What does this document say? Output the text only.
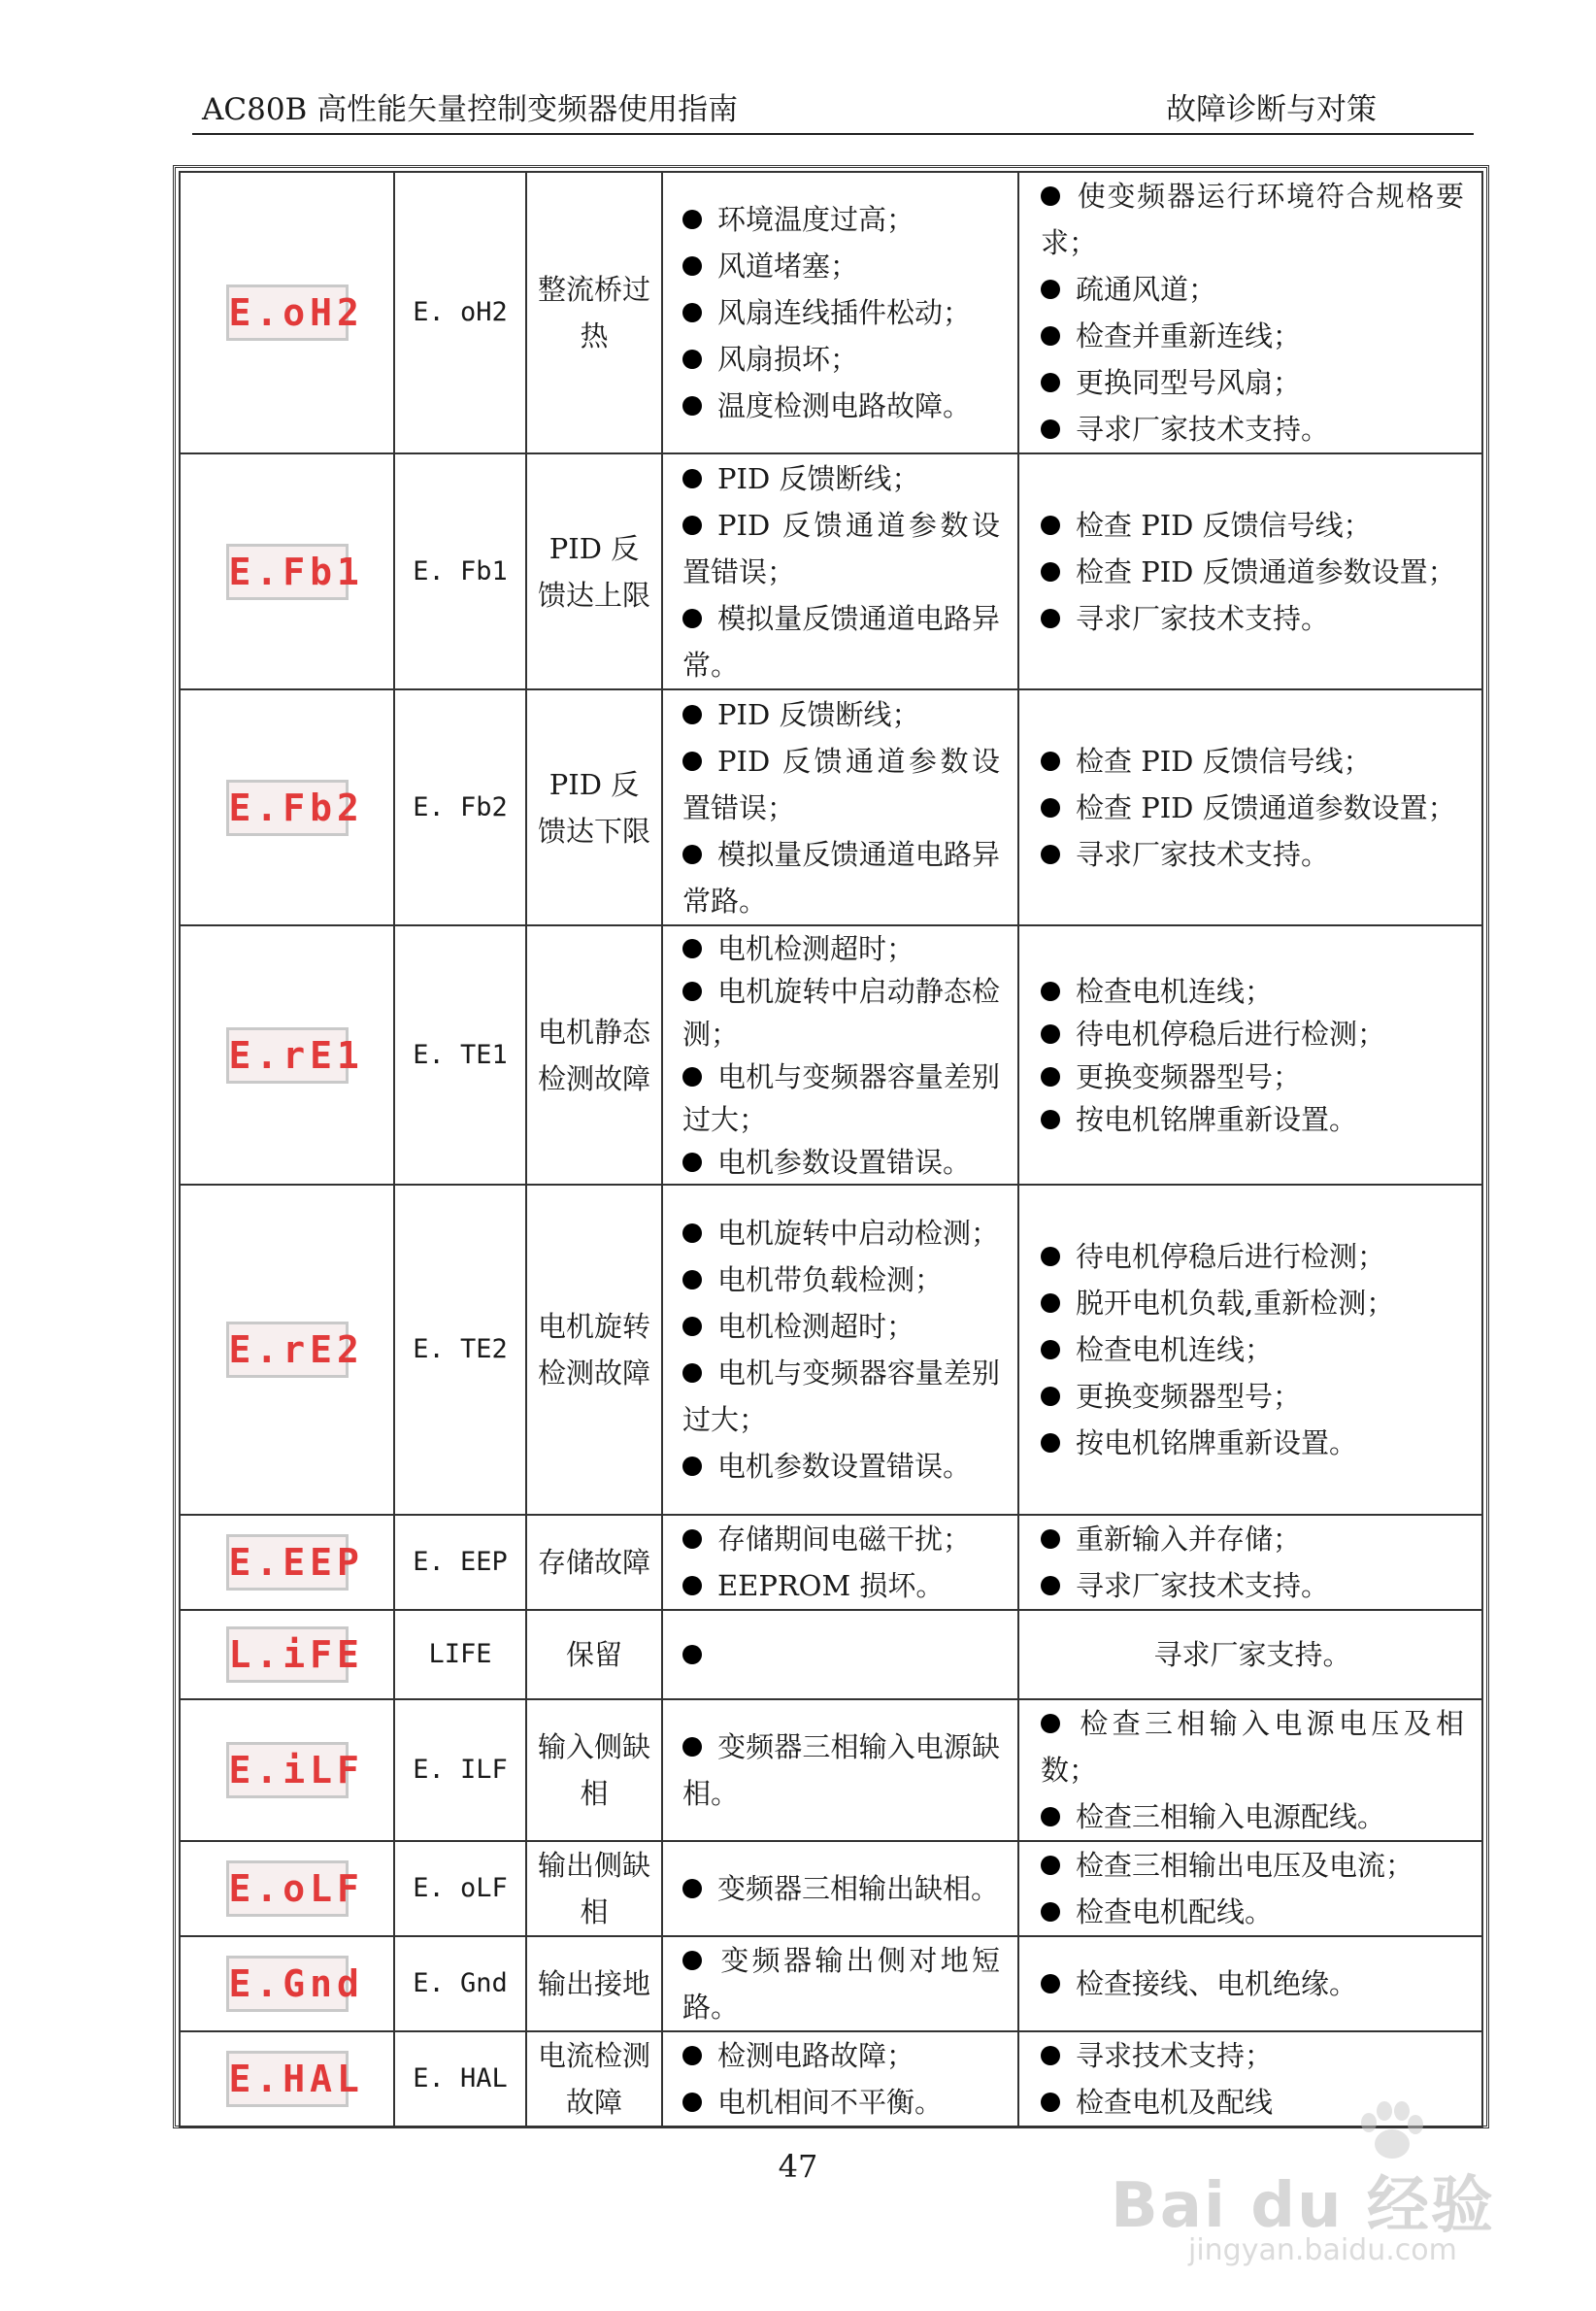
AC80B 高性能矢量控制变频器使用指南	故障诊断与对策
E.oH2	E. oH2	整流桥过热	环境温度过高；
风道堵塞；
风扇连线插件松动；
风扇损坏；
温度检测电路故障。	使变频器运行环境符合规格要求；
疏通风道；
检查并重新连线；
更换同型号风扇；
寻求厂家技术支持。

E.Fb1	E. Fb1	PID 反馈达上限	PID 反馈断线；
PID 反馈通道参数设置错误；
模拟量反馈通道电路异常。	检查 PID 反馈信号线；
检查 PID 反馈通道参数设置；
寻求厂家技术支持。

E.Fb2	E. Fb2	PID 反馈达下限	PID 反馈断线；
PID 反馈通道参数设置错误；
模拟量反馈通道电路异常路。	检查 PID 反馈信号线；
检查 PID 反馈通道参数设置；
寻求厂家技术支持。

E.rE1	E. TE1	电机静态检测故障	电机检测超时；
电机旋转中启动静态检测；
电机与变频器容量差别过大；
电机参数设置错误。	检查电机连线；
待电机停稳后进行检测；
更换变频器型号；
按电机铭牌重新设置。

E.rE2	E. TE2	电机旋转检测故障	电机旋转中启动检测；
电机带负载检测；
电机检测超时；
电机与变频器容量差别过大；
电机参数设置错误。	待电机停稳后进行检测；
脱开电机负载,重新检测；
检查电机连线；
更换变频器型号；
按电机铭牌重新设置。

E.EEP	E. EEP	存储故障	存储期间电磁干扰；
EEPROM 损坏。	重新输入并存储；
寻求厂家技术支持。

L.iFE	LIFE	保留		寻求厂家支持。
E.iLF	E. ILF	输入侧缺相	变频器三相输入电源缺相。	检查三相输入电源电压及相数；
检查三相输入电源配线。

E.oLF	E. oLF	输出侧缺相	变频器三相输出缺相。	检查三相输出电压及电流；
检查电机配线。

E.Gnd	E. Gnd	输出接地	变频器输出侧对地短路。	检查接线、电机绝缘。

E.HAL	E. HAL	电流检测故障	检测电路故障；
电机相间不平衡。	寻求技术支持；
检查电机及配线
47
Bai du 经验
jingyan.baidu.com
